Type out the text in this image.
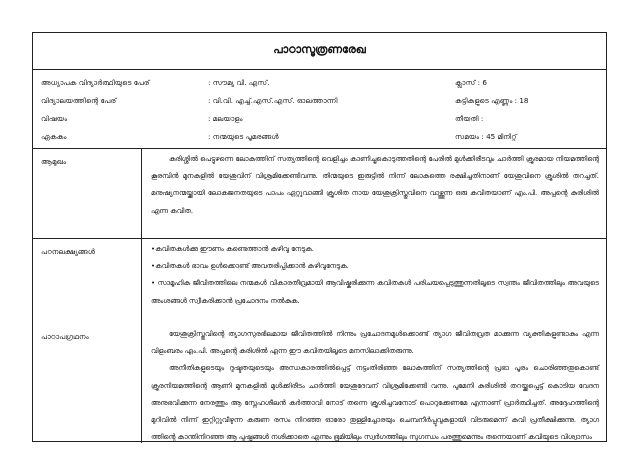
പാഠാസൂത്രണരേഖ
അധ്യാപക വിദ്യാർത്ഥിയുടെ പേര്	: സൗമ്യ വി. എസ്.	ക്ലാസ് : 6
വിദ്യാലയത്തിന്റെ പേര്	: വി.വി. എച്ച്.എസ്.എസ്. ഓലത്താന്നി	കുട്ടികളുടെ എണ്ണം : 18
വിഷയം	: മലയാളം	തീയതി :
ഏകകം	: നന്മയുടെ പൂമരങ്ങൾ	സമയം : 45 മിനിറ്റ്
ആമുഖം	കുരിശ്ശിൽ പെട്ടുഴന്നെ ലോകത്തിന് സത്യത്തിന്റെ വെളിച്ചം കാണിച്ചുകൊടുത്തതിന്റെ പേരിൽ മുൾക്കിരീടവും ചാർത്തി ക്രൂരമായ നിയമത്തിന്റെ കൂരമ്പിൻ മുനകളിൽ യേശുവിന് വിശ്രമിക്കേണ്ടിവന്നു. തിന്മയുടെ ഇരുട്ടിൽ നിന്ന് ലോകത്തെ രക്ഷിച്ചതിനാണ് യേശുവിനെ ക്രൂശിൽ തറച്ചത്. മനുഷ്യനന്മയ്ക്കായി ലോകജനതയുടെ പാപം ഏറ്റുവാങ്ങി ക്രൂശിത നായ യേശുക്രിസ്തുവിനെ വാഴ്ത്തുന്ന ഒരു കവിതയാണ് എം.പി. അപ്പന്റെ കുരിശിൽ എന്ന കവിത.
പഠനലക്ഷ്യങ്ങൾ	•കവിതകൾക്കു ഈണം കണ്ടെത്താൻ കഴിവു നേടുക.

•കവിതകൾ ഭാവം ഉൾക്കൊണ്ട് അവതരിപ്പിക്കാൻ കഴിവുനേടുക.

• സാമൂഹിക ജീവിതത്തിലെ നന്മകൾ വികാരതീവ്രമായി ആവിഷ്കരിക്കുന്ന കവിതകൾ പരിചയപ്പെടുത്തുന്നതിലൂടെ സ്വന്തം ജീവിതത്തിലും അവയുടെ അംശങ്ങൾ സ്വീകരിക്കാൻ പ്രചോദനം നൽകുക.

പാഠാപഗ്രഥനം	യേശുക്രിസ്തുവിന്റെ ത്യാഗസുരഭിലമായ ജീവിതത്തിൽ നിന്നും പ്രചോദനമുൾക്കൊണ്ട് ത്യാഗ ജീവിതവ്രത മാക്കുന്ന വ്യക്തികളുണ്ടാകും എന്ന വിളംബരം എം.പി. അപ്പന്റെ കുരിശിൽ എന്ന ഈ കവിതയിലൂടെ മനസിലാക്കിതരുന്നു.

അനീതികളുടെയും ദുഷ്ടതയുടെയും അന്ധകാരത്തിൽപ്പെട്ട് നട്ടംതിരിഞ്ഞ ലോകത്തിന് സത്യത്തിന്റെ പ്രഭാ പൂരം ചൊരിഞ്ഞതുകൊണ്ട് ക്രൂരനിയമത്തിന്റെ ആണി മുനകളിൽ മുൾക്കിരീടം ചാർത്തി യേശുദേവന് വിശ്രമിക്കേണ്ടി വന്നു. പുമേനി കുരിശിൽ തറയ്ക്കപ്പെട്ട് കൊടിയ വേദന അനുഭവിക്കുന്ന നേരത്തും ആ സ്നേഹശീലൻ കർത്താവി നോട് തന്നെ ക്രൂശിച്ചവനോട് പൊറുക്കേണമേ എന്നാണ് പ്രാർത്ഥിച്ചത്. അദ്ദേഹത്തിന്റെ മുറിവിൽ നിന്ന് ഇറ്റിറ്റുവീഴുന്ന കരുണ രസം നിറഞ്ഞ ഓരോ തുള്ളിച്ചോരയും ചെമ്പനീർപ്പൂവുകളായി വിടരുമെന്ന് കവി പ്രതീക്ഷിക്കുന്നു. ത്യാഗ ത്തിന്റെ കാന്തിനിറഞ്ഞ ആ പുഷ്പങ്ങൾ നശിക്കാതെ എന്നും ഭൂമിയിലും സ്വർഗത്തിലും സുഗന്ധം പരത്തുമെന്നും തന്നെയാണ് കവിയുടെ വിശ്വാസം
